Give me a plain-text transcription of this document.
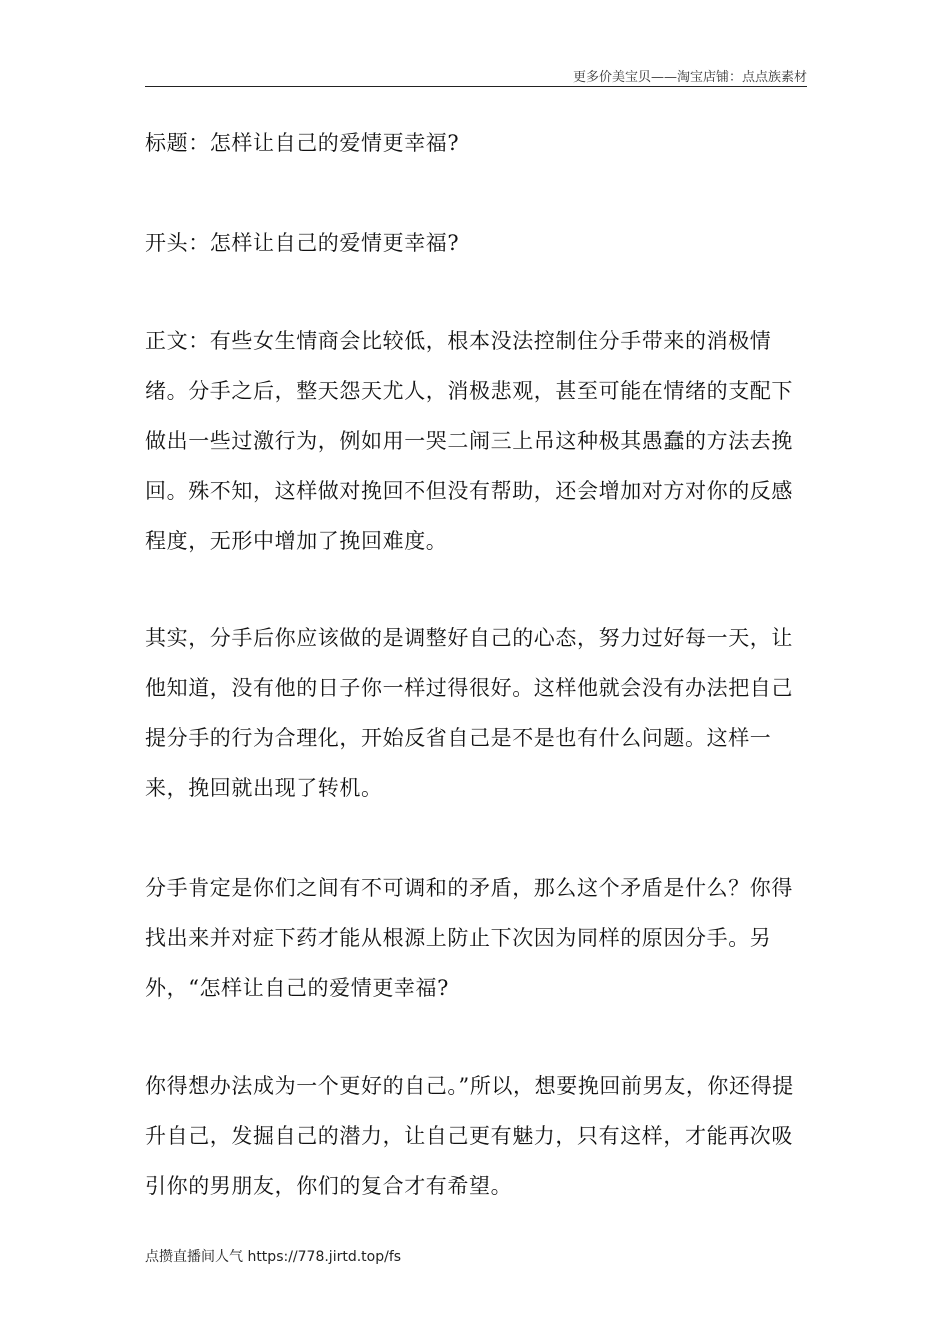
更多价美宝贝——淘宝店铺：点点族素材

标题：怎样让自己的爱情更幸福?

开头：怎样让自己的爱情更幸福?

正文：有些女生情商会比较低，根本没法控制住分手带来的消极情绪。分手之后，整天怨天尤人，消极悲观，甚至可能在情绪的支配下做出一些过激行为，例如用一哭二闹三上吊这种极其愚蠢的方法去挽回。殊不知，这样做对挽回不但没有帮助，还会增加对方对你的反感程度，无形中增加了挽回难度。

其实，分手后你应该做的是调整好自己的心态，努力过好每一天，让他知道，没有他的日子你一样过得很好。这样他就会没有办法把自己提分手的行为合理化，开始反省自己是不是也有什么问题。这样一来，挽回就出现了转机。

分手肯定是你们之间有不可调和的矛盾，那么这个矛盾是什么？你得找出来并对症下药才能从根源上防止下次因为同样的原因分手。另外，“怎样让自己的爱情更幸福?

你得想办法成为一个更好的自己。”所以，想要挽回前男友，你还得提升自己，发掘自己的潜力，让自己更有魅力，只有这样，才能再次吸引你的男朋友，你们的复合才有希望。

点攒直播间人气 https://778.jirtd.top/fs
